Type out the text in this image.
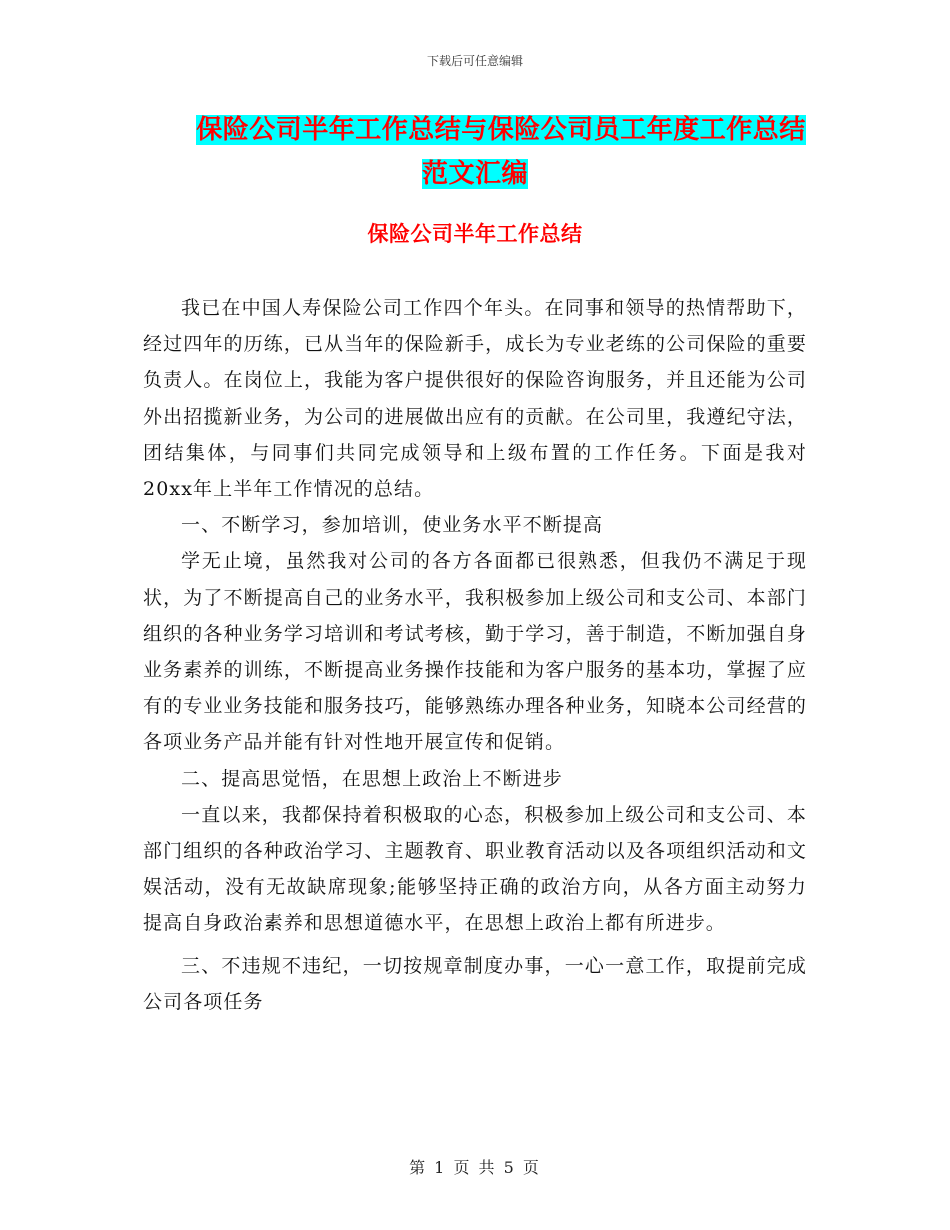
下载后可任意编辑
保险公司半年工作总结与保险公司员工年度工作总结
范文汇编
保险公司半年工作总结

我已在中国人寿保险公司工作四个年头。在同事和领导的热情帮助下，经过四年的历练，已从当年的保险新手，成长为专业老练的公司保险的重要负责人。在岗位上，我能为客户提供很好的保险咨询服务，并且还能为公司外出招揽新业务，为公司的进展做出应有的贡献。在公司里，我遵纪守法，团结集体，与同事们共同完成领导和上级布置的工作任务。下面是我对20xx年上半年工作情况的总结。

一、不断学习，参加培训，使业务水平不断提高

学无止境，虽然我对公司的各方各面都已很熟悉，但我仍不满足于现状，为了不断提高自己的业务水平，我积极参加上级公司和支公司、本部门组织的各种业务学习培训和考试考核，勤于学习，善于制造，不断加强自身业务素养的训练，不断提高业务操作技能和为客户服务的基本功，掌握了应有的专业业务技能和服务技巧，能够熟练办理各种业务，知晓本公司经营的各项业务产品并能有针对性地开展宣传和促销。

二、提高思觉悟，在思想上政治上不断进步

一直以来，我都保持着积极取的心态，积极参加上级公司和支公司、本部门组织的各种政治学习、主题教育、职业教育活动以及各项组织活动和文娱活动，没有无故缺席现象;能够坚持正确的政治方向，从各方面主动努力提高自身政治素养和思想道德水平，在思想上政治上都有所进步。

三、不违规不违纪，一切按规章制度办事，一心一意工作，取提前完成公司各项任务

第 1 页 共 5 页
